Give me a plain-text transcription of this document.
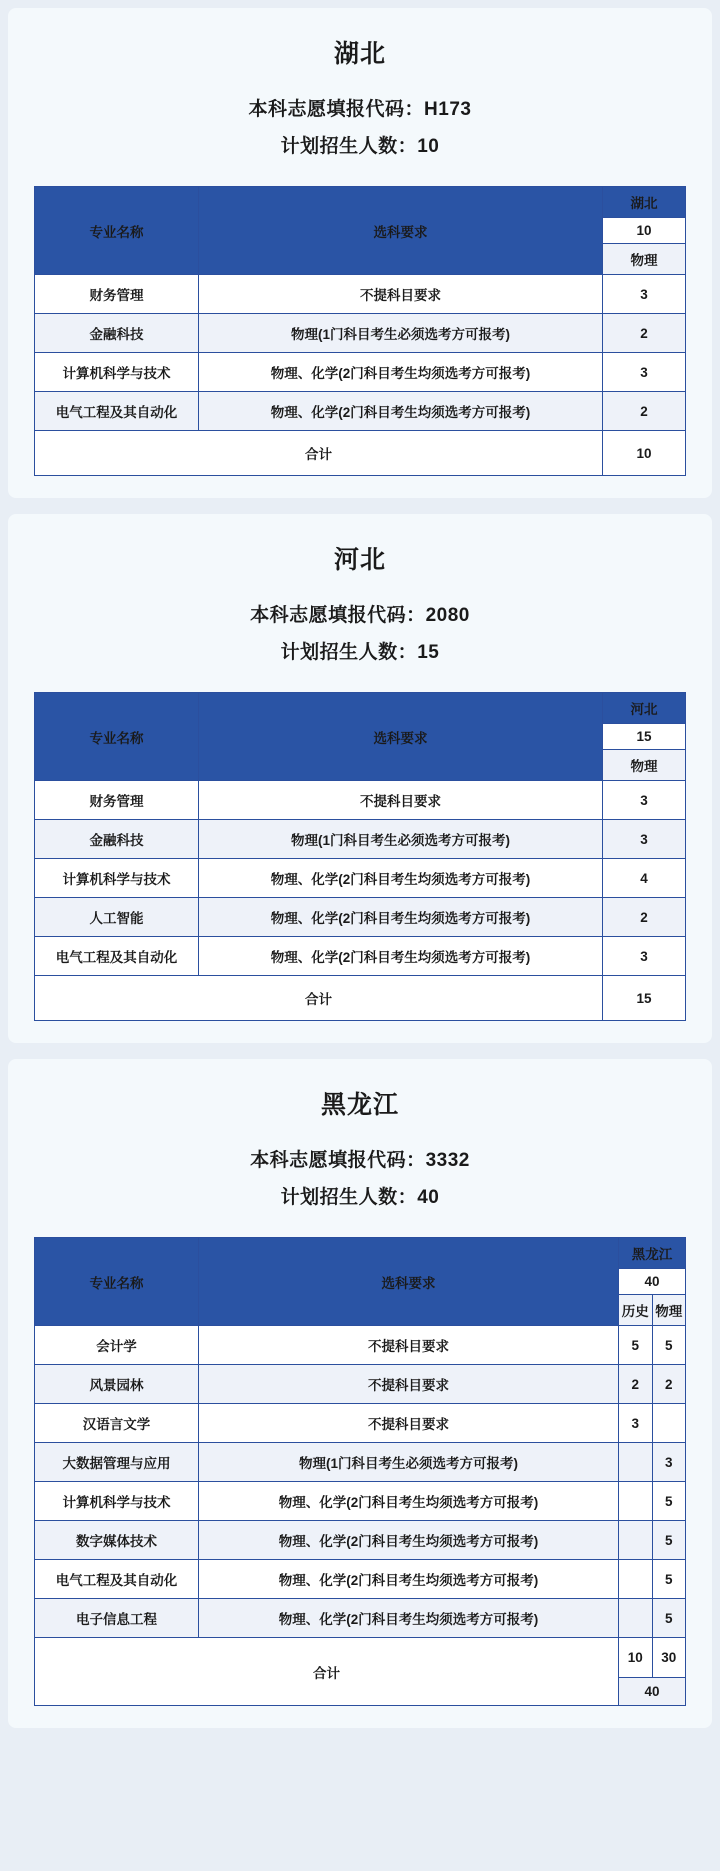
湖北
本科志愿填报代码：H173
计划招生人数：10
专业名称	选科要求	湖北
		10
		物理
财务管理	不提科目要求	3
金融科技	物理(1门科目考生必须选考方可报考)	2
计算机科学与技术	物理、化学(2门科目考生均须选考方可报考)	3
电气工程及其自动化	物理、化学(2门科目考生均须选考方可报考)	2
合计		10
河北
本科志愿填报代码：2080
计划招生人数：15
专业名称	选科要求	河北
		15
		物理
财务管理	不提科目要求	3
金融科技	物理(1门科目考生必须选考方可报考)	3
计算机科学与技术	物理、化学(2门科目考生均须选考方可报考)	4
人工智能	物理、化学(2门科目考生均须选考方可报考)	2
电气工程及其自动化	物理、化学(2门科目考生均须选考方可报考)	3
合计		15
黑龙江
本科志愿填报代码：3332
计划招生人数：40
专业名称	选科要求	黑龙江	
		40	
		历史	物理
会计学	不提科目要求	5	5
风景园林	不提科目要求	2	2
汉语言文学	不提科目要求	3	
大数据管理与应用	物理(1门科目考生必须选考方可报考)		3
计算机科学与技术	物理、化学(2门科目考生均须选考方可报考)		5
数字媒体技术	物理、化学(2门科目考生均须选考方可报考)		5
电气工程及其自动化	物理、化学(2门科目考生均须选考方可报考)		5
电子信息工程	物理、化学(2门科目考生均须选考方可报考)		5
合计		10	30
		40	
